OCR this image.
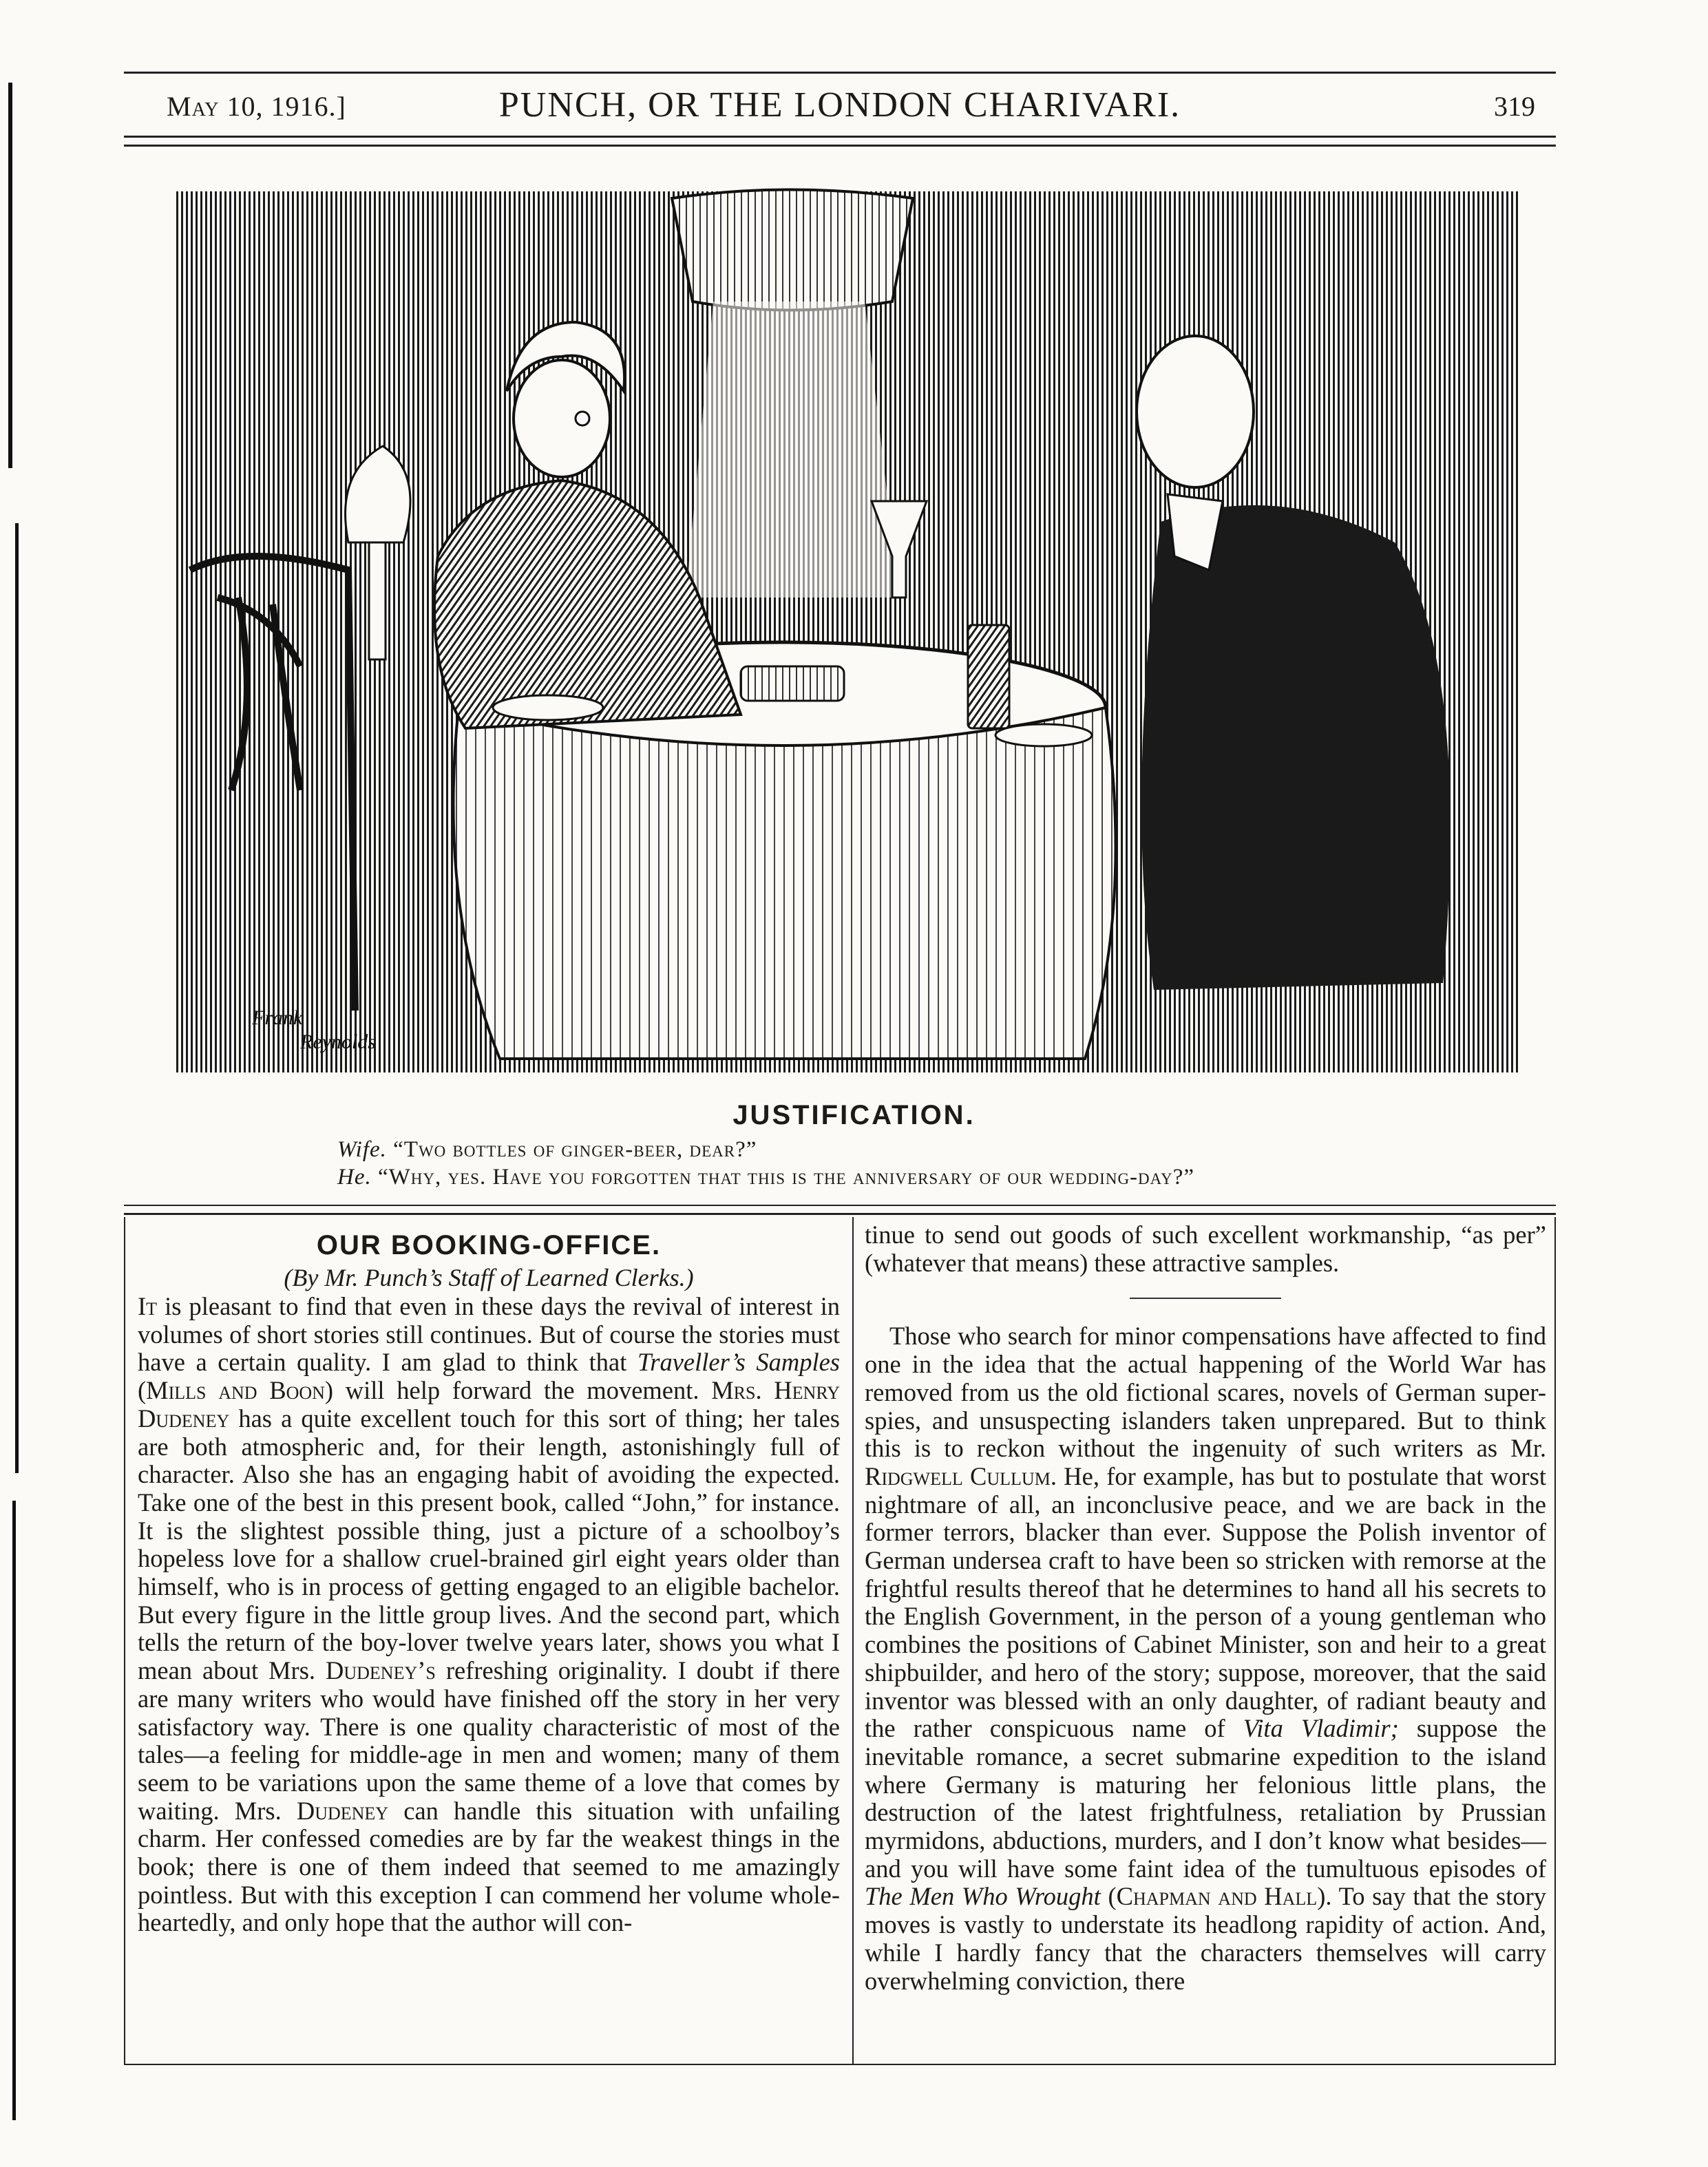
May 10, 1916.]	PUNCH, OR THE LONDON CHARIVARI.	319
Frank
Reynolds
JUSTIFICATION.
Wife. “Two bottles of ginger-beer, dear?”
He. “Why, yes. Have you forgotten that this is the anniversary of our wedding-day?”

OUR BOOKING-OFFICE.

(By Mr. Punch’s Staff of Learned Clerks.)

It is pleasant to find that even in these days the revival of interest in volumes of short stories still continues. But of course the stories must have a certain quality. I am glad to think that Traveller’s Samples (Mills and Boon) will help forward the movement. Mrs. Henry Dudeney has a quite excellent touch for this sort of thing; her tales are both atmospheric and, for their length, astonishingly full of character. Also she has an engaging habit of avoiding the expected. Take one of the best in this present book, called “John,” for instance. It is the slightest possible thing, just a picture of a schoolboy’s hopeless love for a shallow cruel-brained girl eight years older than himself, who is in process of getting engaged to an eligible bachelor. But every figure in the little group lives. And the second part, which tells the return of the boy-lover twelve years later, shows you what I mean about Mrs. Dudeney’s refreshing originality. I doubt if there are many writers who would have finished off the story in her very satisfactory way. There is one quality characteristic of most of the tales—a feeling for middle-age in men and women; many of them seem to be variations upon the same theme of a love that comes by waiting. Mrs. Dudeney can handle this situation with unfailing charm. Her confessed comedies are by far the weakest things in the book; there is one of them indeed that seemed to me amazingly pointless. But with this exception I can commend her volume whole-heartedly, and only hope that the author will con-

tinue to send out goods of such excellent workmanship, “as per” (whatever that means) these attractive samples.

Those who search for minor compensations have affected to find one in the idea that the actual happening of the World War has removed from us the old fictional scares, novels of German super-spies, and unsuspecting islanders taken unprepared. But to think this is to reckon without the ingenuity of such writers as Mr. Ridgwell Cullum. He, for example, has but to postulate that worst nightmare of all, an inconclusive peace, and we are back in the former terrors, blacker than ever. Suppose the Polish inventor of German undersea craft to have been so stricken with remorse at the frightful results thereof that he determines to hand all his secrets to the English Government, in the person of a young gentleman who combines the positions of Cabinet Minister, son and heir to a great shipbuilder, and hero of the story; suppose, moreover, that the said inventor was blessed with an only daughter, of radiant beauty and the rather conspicuous name of Vita Vladimir; suppose the inevitable romance, a secret submarine expedition to the island where Germany is maturing her felonious little plans, the destruction of the latest frightfulness, retaliation by Prussian myrmidons, abductions, murders, and I don’t know what besides—and you will have some faint idea of the tumultuous episodes of The Men Who Wrought (Chapman and Hall). To say that the story moves is vastly to understate its headlong rapidity of action. And, while I hardly fancy that the characters themselves will carry overwhelming conviction, there
